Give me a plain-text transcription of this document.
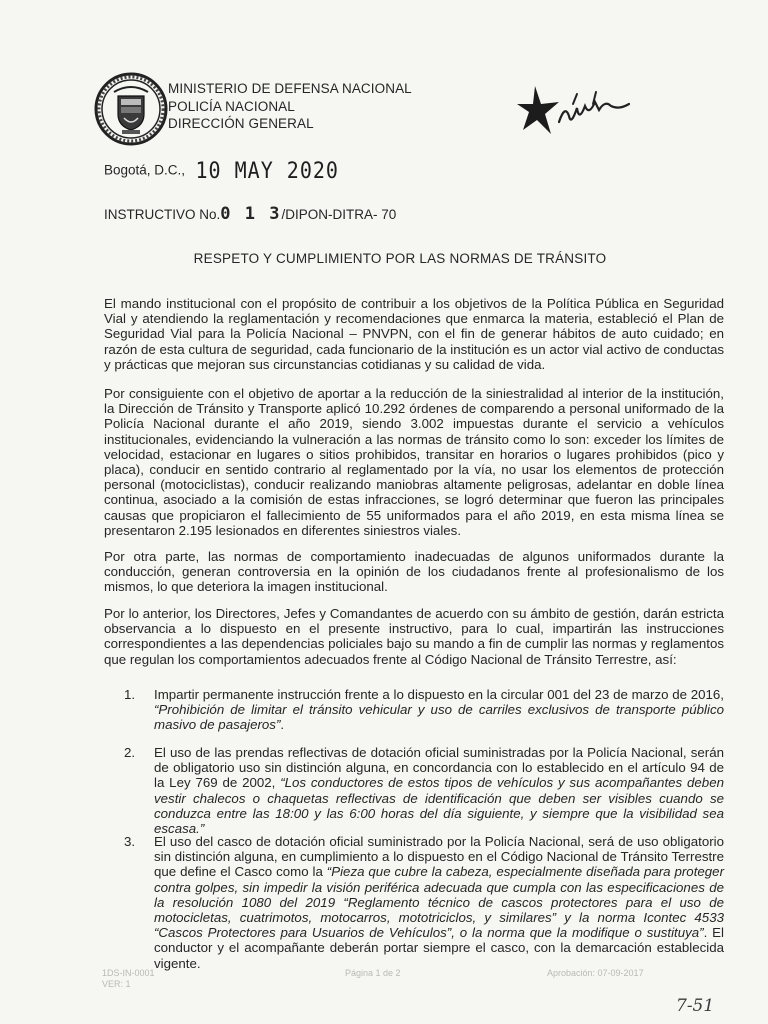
MINISTERIO DE DEFENSA NACIONAL
POLICÍA NACIONAL
DIRECCIÓN GENERAL
Bogotá, D.C., 10 MAY 2020
INSTRUCTIVO No.0 1 3/DIPON-DITRA- 70
RESPETO Y CUMPLIMIENTO POR LAS NORMAS DE TRÁNSITO
El mando institucional con el propósito de contribuir a los objetivos de la Política Pública en Seguridad Vial y atendiendo la reglamentación y recomendaciones que enmarca la materia, estableció el Plan de Seguridad Vial para la Policía Nacional – PNVPN, con el fin de generar hábitos de auto cuidado; en razón de esta cultura de seguridad, cada funcionario de la institución es un actor vial activo de conductas y prácticas que mejoran sus circunstancias cotidianas y su calidad de vida.
Por consiguiente con el objetivo de aportar a la reducción de la siniestralidad al interior de la institución, la Dirección de Tránsito y Transporte aplicó 10.292 órdenes de comparendo a personal uniformado de la Policía Nacional durante el año 2019, siendo 3.002 impuestas durante el servicio a vehículos institucionales, evidenciando la vulneración a las normas de tránsito como lo son: exceder los límites de velocidad, estacionar en lugares o sitios prohibidos, transitar en horarios o lugares prohibidos (pico y placa), conducir en sentido contrario al reglamentado por la vía, no usar los elementos de protección personal (motociclistas), conducir realizando maniobras altamente peligrosas, adelantar en doble línea continua, asociado a la comisión de estas infracciones, se logró determinar que fueron las principales causas que propiciaron el fallecimiento de 55 uniformados para el año 2019, en esta misma línea se presentaron 2.195 lesionados en diferentes siniestros viales.
Por otra parte, las normas de comportamiento inadecuadas de algunos uniformados durante la conducción, generan controversia en la opinión de los ciudadanos frente al profesionalismo de los mismos, lo que deteriora la imagen institucional.
Por lo anterior, los Directores, Jefes y Comandantes de acuerdo con su ámbito de gestión, darán estricta observancia a lo dispuesto en el presente instructivo, para lo cual, impartirán las instrucciones correspondientes a las dependencias policiales bajo su mando a fin de cumplir las normas y reglamentos que regulan los comportamientos adecuados frente al Código Nacional de Tránsito Terrestre, así:
1.	Impartir permanente instrucción frente a lo dispuesto en la circular 001 del 23 de marzo de 2016, “Prohibición de limitar el tránsito vehicular y uso de carriles exclusivos de transporte público masivo de pasajeros”.
2.	El uso de las prendas reflectivas de dotación oficial suministradas por la Policía Nacional, serán de obligatorio uso sin distinción alguna, en concordancia con lo establecido en el artículo 94 de la Ley 769 de 2002, “Los conductores de estos tipos de vehículos y sus acompañantes deben vestir chalecos o chaquetas reflectivas de identificación que deben ser visibles cuando se conduzca entre las 18:00 y las 6:00 horas del día siguiente, y siempre que la visibilidad sea escasa.”
3.	El uso del casco de dotación oficial suministrado por la Policía Nacional, será de uso obligatorio sin distinción alguna, en cumplimiento a lo dispuesto en el Código Nacional de Tránsito Terrestre que define el Casco como la “Pieza que cubre la cabeza, especialmente diseñada para proteger contra golpes, sin impedir la visión periférica adecuada que cumpla con las especificaciones de la resolución 1080 del 2019 “Reglamento técnico de cascos protectores para el uso de motocicletas, cuatrimotos, motocarros, mototriciclos, y similares” y la norma Icontec 4533 “Cascos Protectores para Usuarios de Vehículos”, o la norma que la modifique o sustituya”. El conductor y el acompañante deberán portar siempre el casco, con la demarcación establecida vigente.
1DS-IN-0001
VER: 1
Página 1 de 2	Aprobación: 07-09-2017
7-51
